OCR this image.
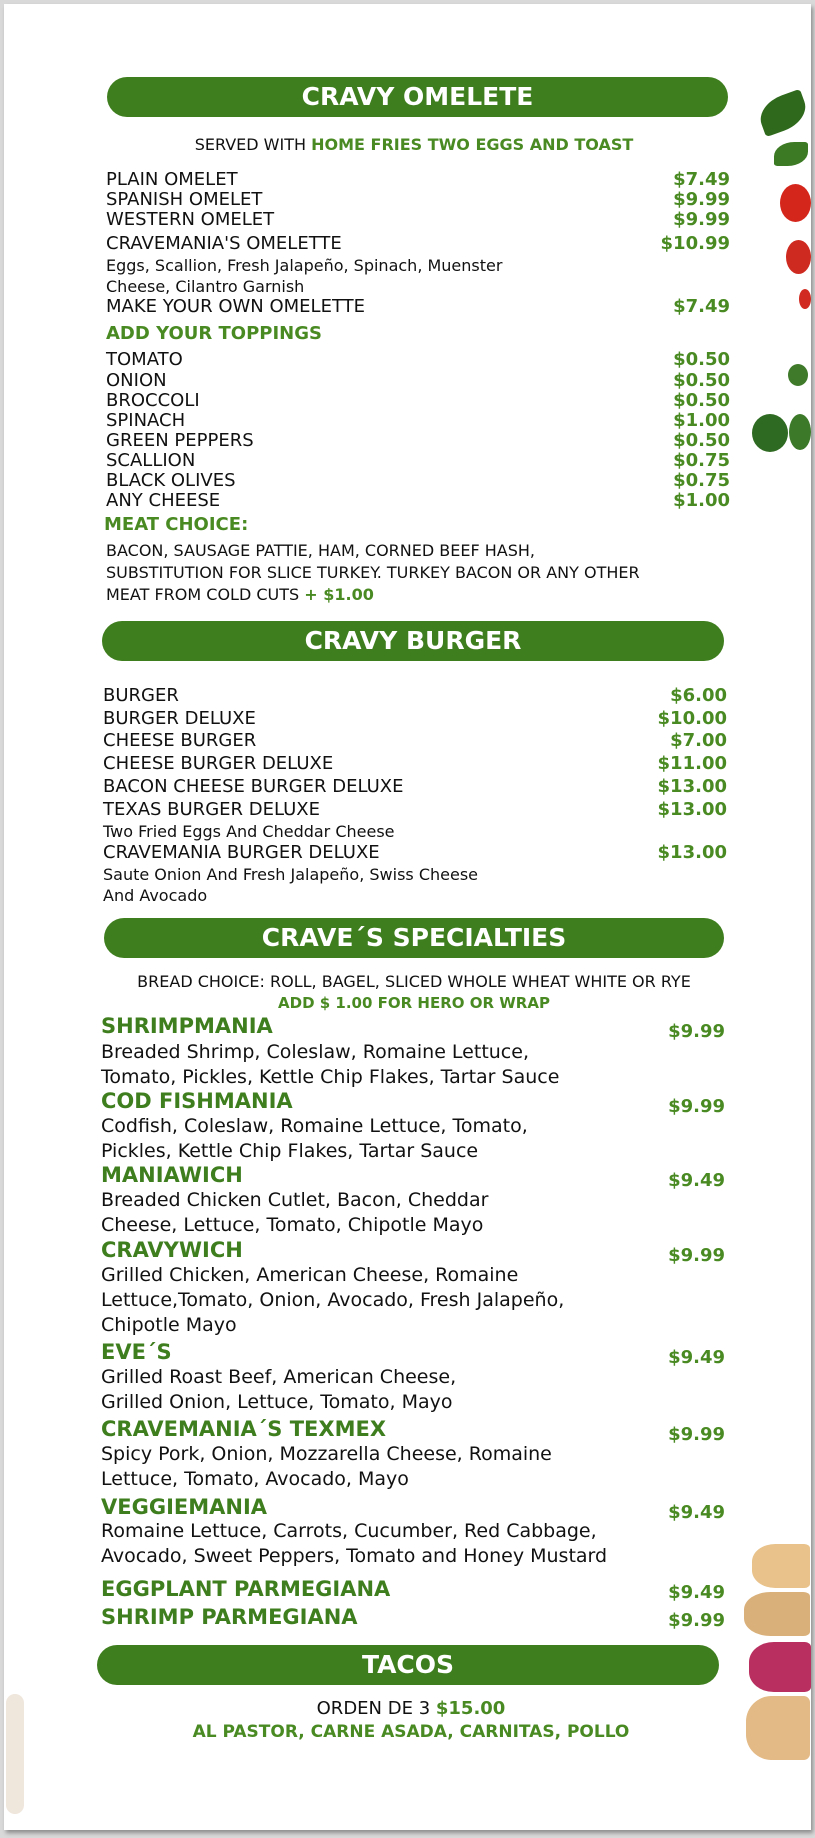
CRAVY OMELETE
SERVED WITH HOME FRIES TWO EGGS AND TOAST
PLAIN OMELET	$7.49
SPANISH OMELET	$9.99
WESTERN OMELET	$9.99
CRAVEMANIA'S OMELETTE	$10.99
Eggs, Scallion, Fresh Jalapeño, Spinach, Muenster
Cheese, Cilantro Garnish
MAKE YOUR OWN OMELETTE	$7.49
ADD YOUR TOPPINGS
TOMATO	$0.50
ONION	$0.50
BROCCOLI	$0.50
SPINACH	$1.00
GREEN PEPPERS	$0.50
SCALLION	$0.75
BLACK OLIVES	$0.75
ANY CHEESE	$1.00
MEAT CHOICE:
BACON, SAUSAGE PATTIE, HAM, CORNED BEEF HASH,
SUBSTITUTION FOR SLICE TURKEY. TURKEY BACON OR ANY OTHER
MEAT FROM COLD CUTS + $1.00
CRAVY BURGER
BURGER	$6.00
BURGER DELUXE	$10.00
CHEESE BURGER	$7.00
CHEESE BURGER DELUXE	$11.00
BACON CHEESE BURGER DELUXE	$13.00
TEXAS BURGER DELUXE	$13.00
Two Fried Eggs And Cheddar Cheese
CRAVEMANIA BURGER DELUXE	$13.00
Saute Onion And Fresh Jalapeño, Swiss Cheese
And Avocado
CRAVE´S SPECIALTIES
BREAD CHOICE: ROLL, BAGEL, SLICED WHOLE WHEAT WHITE OR RYE
ADD $ 1.00 FOR HERO OR WRAP
SHRIMPMANIA	$9.99
Breaded Shrimp, Coleslaw, Romaine Lettuce,
Tomato, Pickles, Kettle Chip Flakes, Tartar Sauce
COD FISHMANIA	$9.99
Codfish, Coleslaw, Romaine Lettuce, Tomato,
Pickles, Kettle Chip Flakes, Tartar Sauce
MANIAWICH	$9.49
Breaded Chicken Cutlet, Bacon, Cheddar
Cheese, Lettuce, Tomato, Chipotle Mayo
CRAVYWICH	$9.99
Grilled Chicken, American Cheese, Romaine
Lettuce,Tomato, Onion, Avocado, Fresh Jalapeño,
Chipotle Mayo
EVE´S	$9.49
Grilled Roast Beef, American Cheese,
Grilled Onion, Lettuce, Tomato, Mayo
CRAVEMANIA´S TEXMEX	$9.99
Spicy Pork, Onion, Mozzarella Cheese, Romaine
Lettuce, Tomato, Avocado, Mayo
VEGGIEMANIA	$9.49
Romaine Lettuce, Carrots, Cucumber, Red Cabbage,
Avocado, Sweet Peppers, Tomato and Honey Mustard
EGGPLANT PARMEGIANA	$9.49
SHRIMP PARMEGIANA	$9.99
TACOS
ORDEN DE 3 $15.00
AL PASTOR, CARNE ASADA, CARNITAS, POLLO
